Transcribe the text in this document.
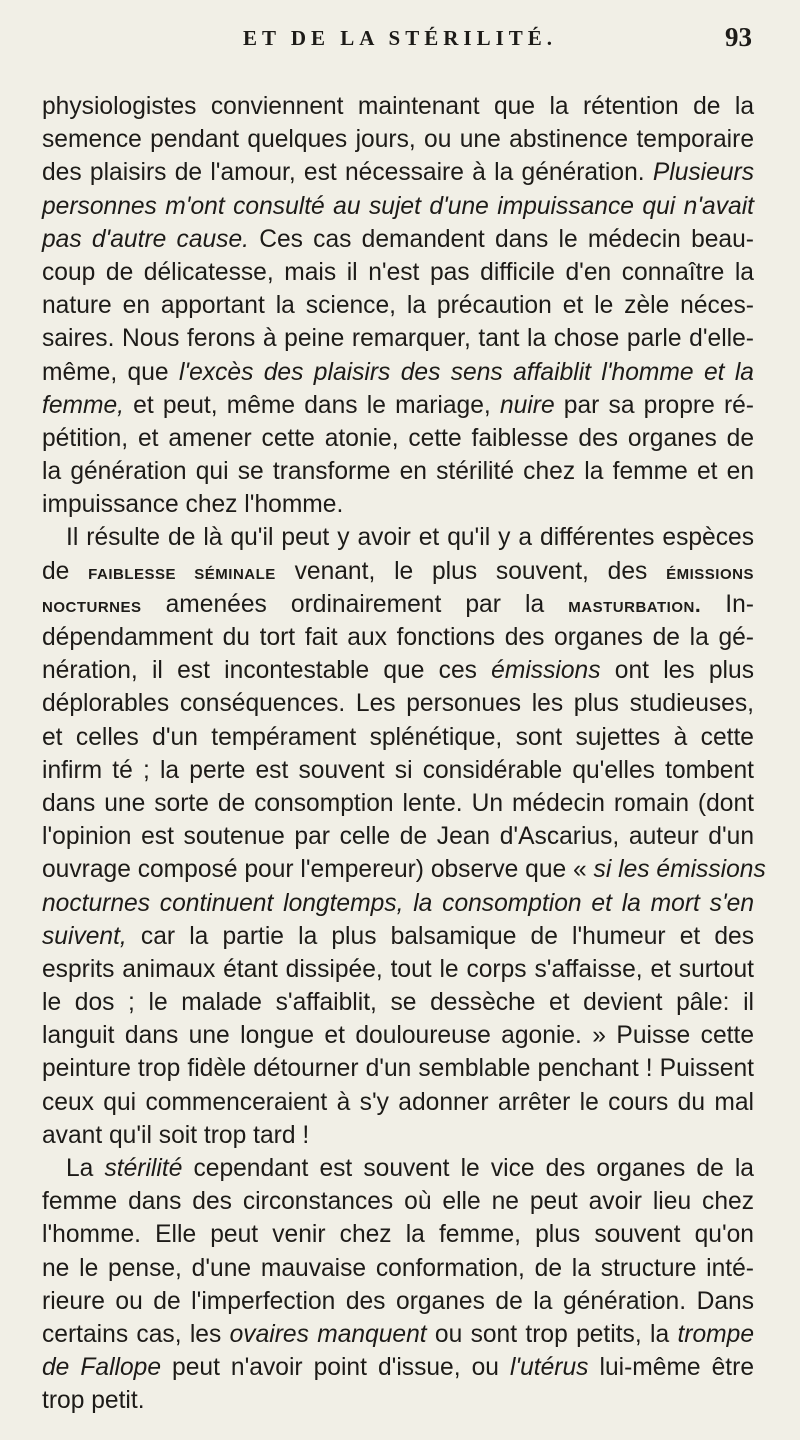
ET DE LA STÉRILITÉ.	93
physiologistes conviennent maintenant que la rétention de la
semence pendant quelques jours, ou une abstinence temporaire
des plaisirs de l'amour, est nécessaire à la génération. Plusieurs
personnes m'ont consulté au sujet d'une impuissance qui n'avait
pas d'autre cause. Ces cas demandent dans le médecin beau-
coup de délicatesse, mais il n'est pas difficile d'en connaître la
nature en apportant la science, la précaution et le zèle néces-
saires. Nous ferons à peine remarquer, tant la chose parle d'elle-
même, que l'excès des plaisirs des sens affaiblit l'homme et la
femme, et peut, même dans le mariage, nuire par sa propre ré-
pétition, et amener cette atonie, cette faiblesse des organes de
la génération qui se transforme en stérilité chez la femme et en
impuissance chez l'homme.
Il résulte de là qu'il peut y avoir et qu'il y a différentes espèces
de faiblesse séminale venant, le plus souvent, des émissions
nocturnes amenées ordinairement par la masturbation. In-
dépendamment du tort fait aux fonctions des organes de la gé-
nération, il est incontestable que ces émissions ont les plus
déplorables conséquences. Les personues les plus studieuses,
et celles d'un tempérament splénétique, sont sujettes à cette
infirm té ; la perte est souvent si considérable qu'elles tombent
dans une sorte de consomption lente. Un médecin romain (dont
l'opinion est soutenue par celle de Jean d'Ascarius, auteur d'un
ouvrage composé pour l'empereur) observe que « si les émissions
nocturnes continuent longtemps, la consomption et la mort s'en
suivent, car la partie la plus balsamique de l'humeur et des
esprits animaux étant dissipée, tout le corps s'affaisse, et surtout
le dos ; le malade s'affaiblit, se dessèche et devient pâle: il
languit dans une longue et douloureuse agonie. » Puisse cette
peinture trop fidèle détourner d'un semblable penchant ! Puissent
ceux qui commenceraient à s'y adonner arrêter le cours du mal
avant qu'il soit trop tard !
La stérilité cependant est souvent le vice des organes de la
femme dans des circonstances où elle ne peut avoir lieu chez
l'homme. Elle peut venir chez la femme, plus souvent qu'on
ne le pense, d'une mauvaise conformation, de la structure inté-
rieure ou de l'imperfection des organes de la génération. Dans
certains cas, les ovaires manquent ou sont trop petits, la trompe
de Fallope peut n'avoir point d'issue, ou l'utérus lui-même être
trop petit.
